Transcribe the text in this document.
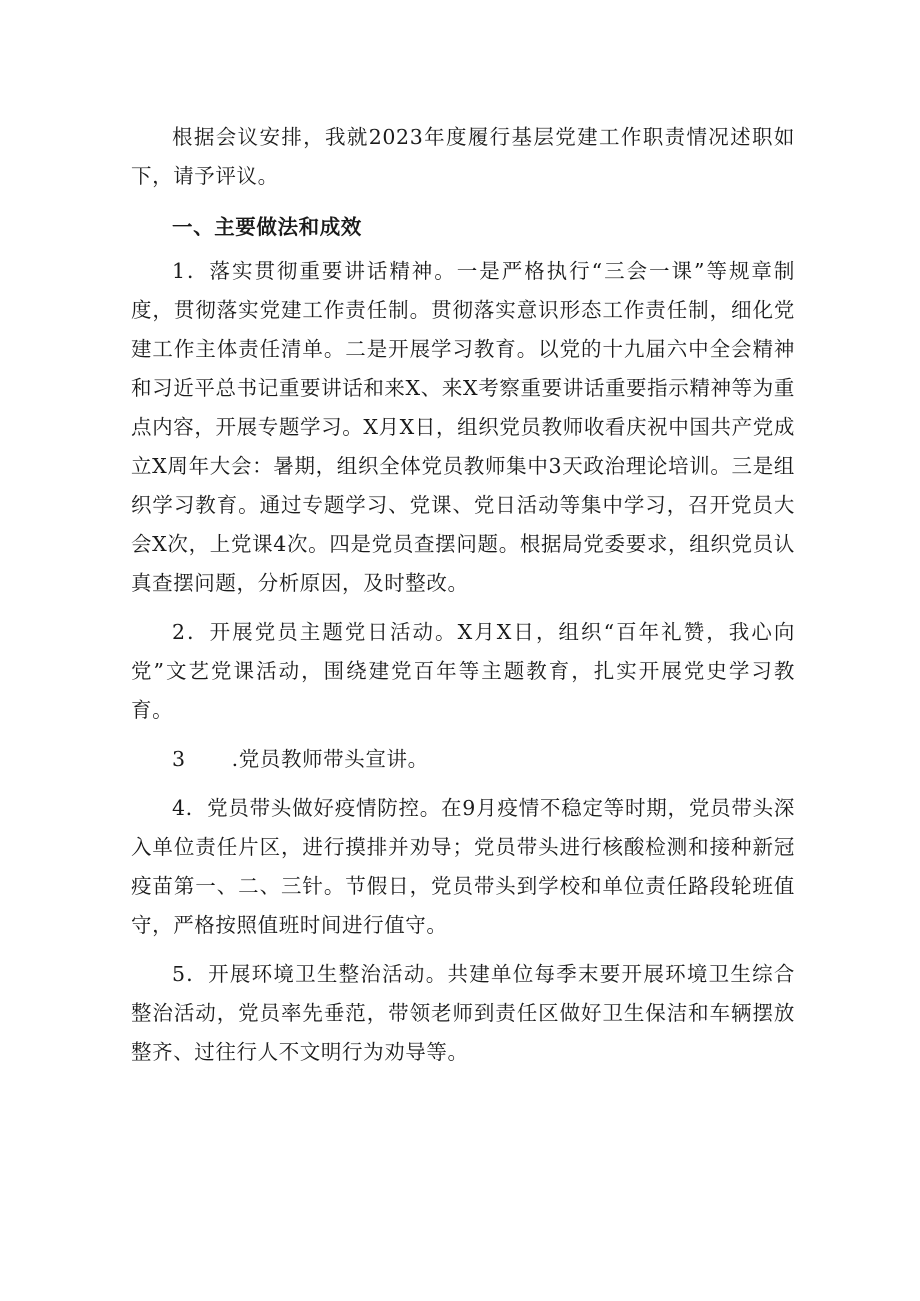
根据会议安排，我就2023年度履行基层党建工作职责情况述职如下，请予评议。

一、主要做法和成效

1．落实贯彻重要讲话精神。一是严格执行“三会一课”等规章制度，贯彻落实党建工作责任制。贯彻落实意识形态工作责任制，细化党建工作主体责任清单。二是开展学习教育。以党的十九届六中全会精神和习近平总书记重要讲话和来X、来X考察重要讲话重要指示精神等为重点内容，开展专题学习。X月X日，组织党员教师收看庆祝中国共产党成立X周年大会：暑期，组织全体党员教师集中3天政治理论培训。三是组织学习教育。通过专题学习、党课、党日活动等集中学习，召开党员大会X次，上党课4次。四是党员查摆问题。根据局党委要求，组织党员认真查摆问题，分析原因，及时整改。

2．开展党员主题党日活动。X月X日，组织“百年礼赞，我心向党”文艺党课活动，围绕建党百年等主题教育，扎实开展党史学习教育。

3 .党员教师带头宣讲。

4．党员带头做好疫情防控。在9月疫情不稳定等时期，党员带头深入单位责任片区，进行摸排并劝导；党员带头进行核酸检测和接种新冠疫苗第一、二、三针。节假日，党员带头到学校和单位责任路段轮班值守，严格按照值班时间进行值守。

5．开展环境卫生整治活动。共建单位每季末要开展环境卫生综合整治活动，党员率先垂范，带领老师到责任区做好卫生保洁和车辆摆放整齐、过往行人不文明行为劝导等。
